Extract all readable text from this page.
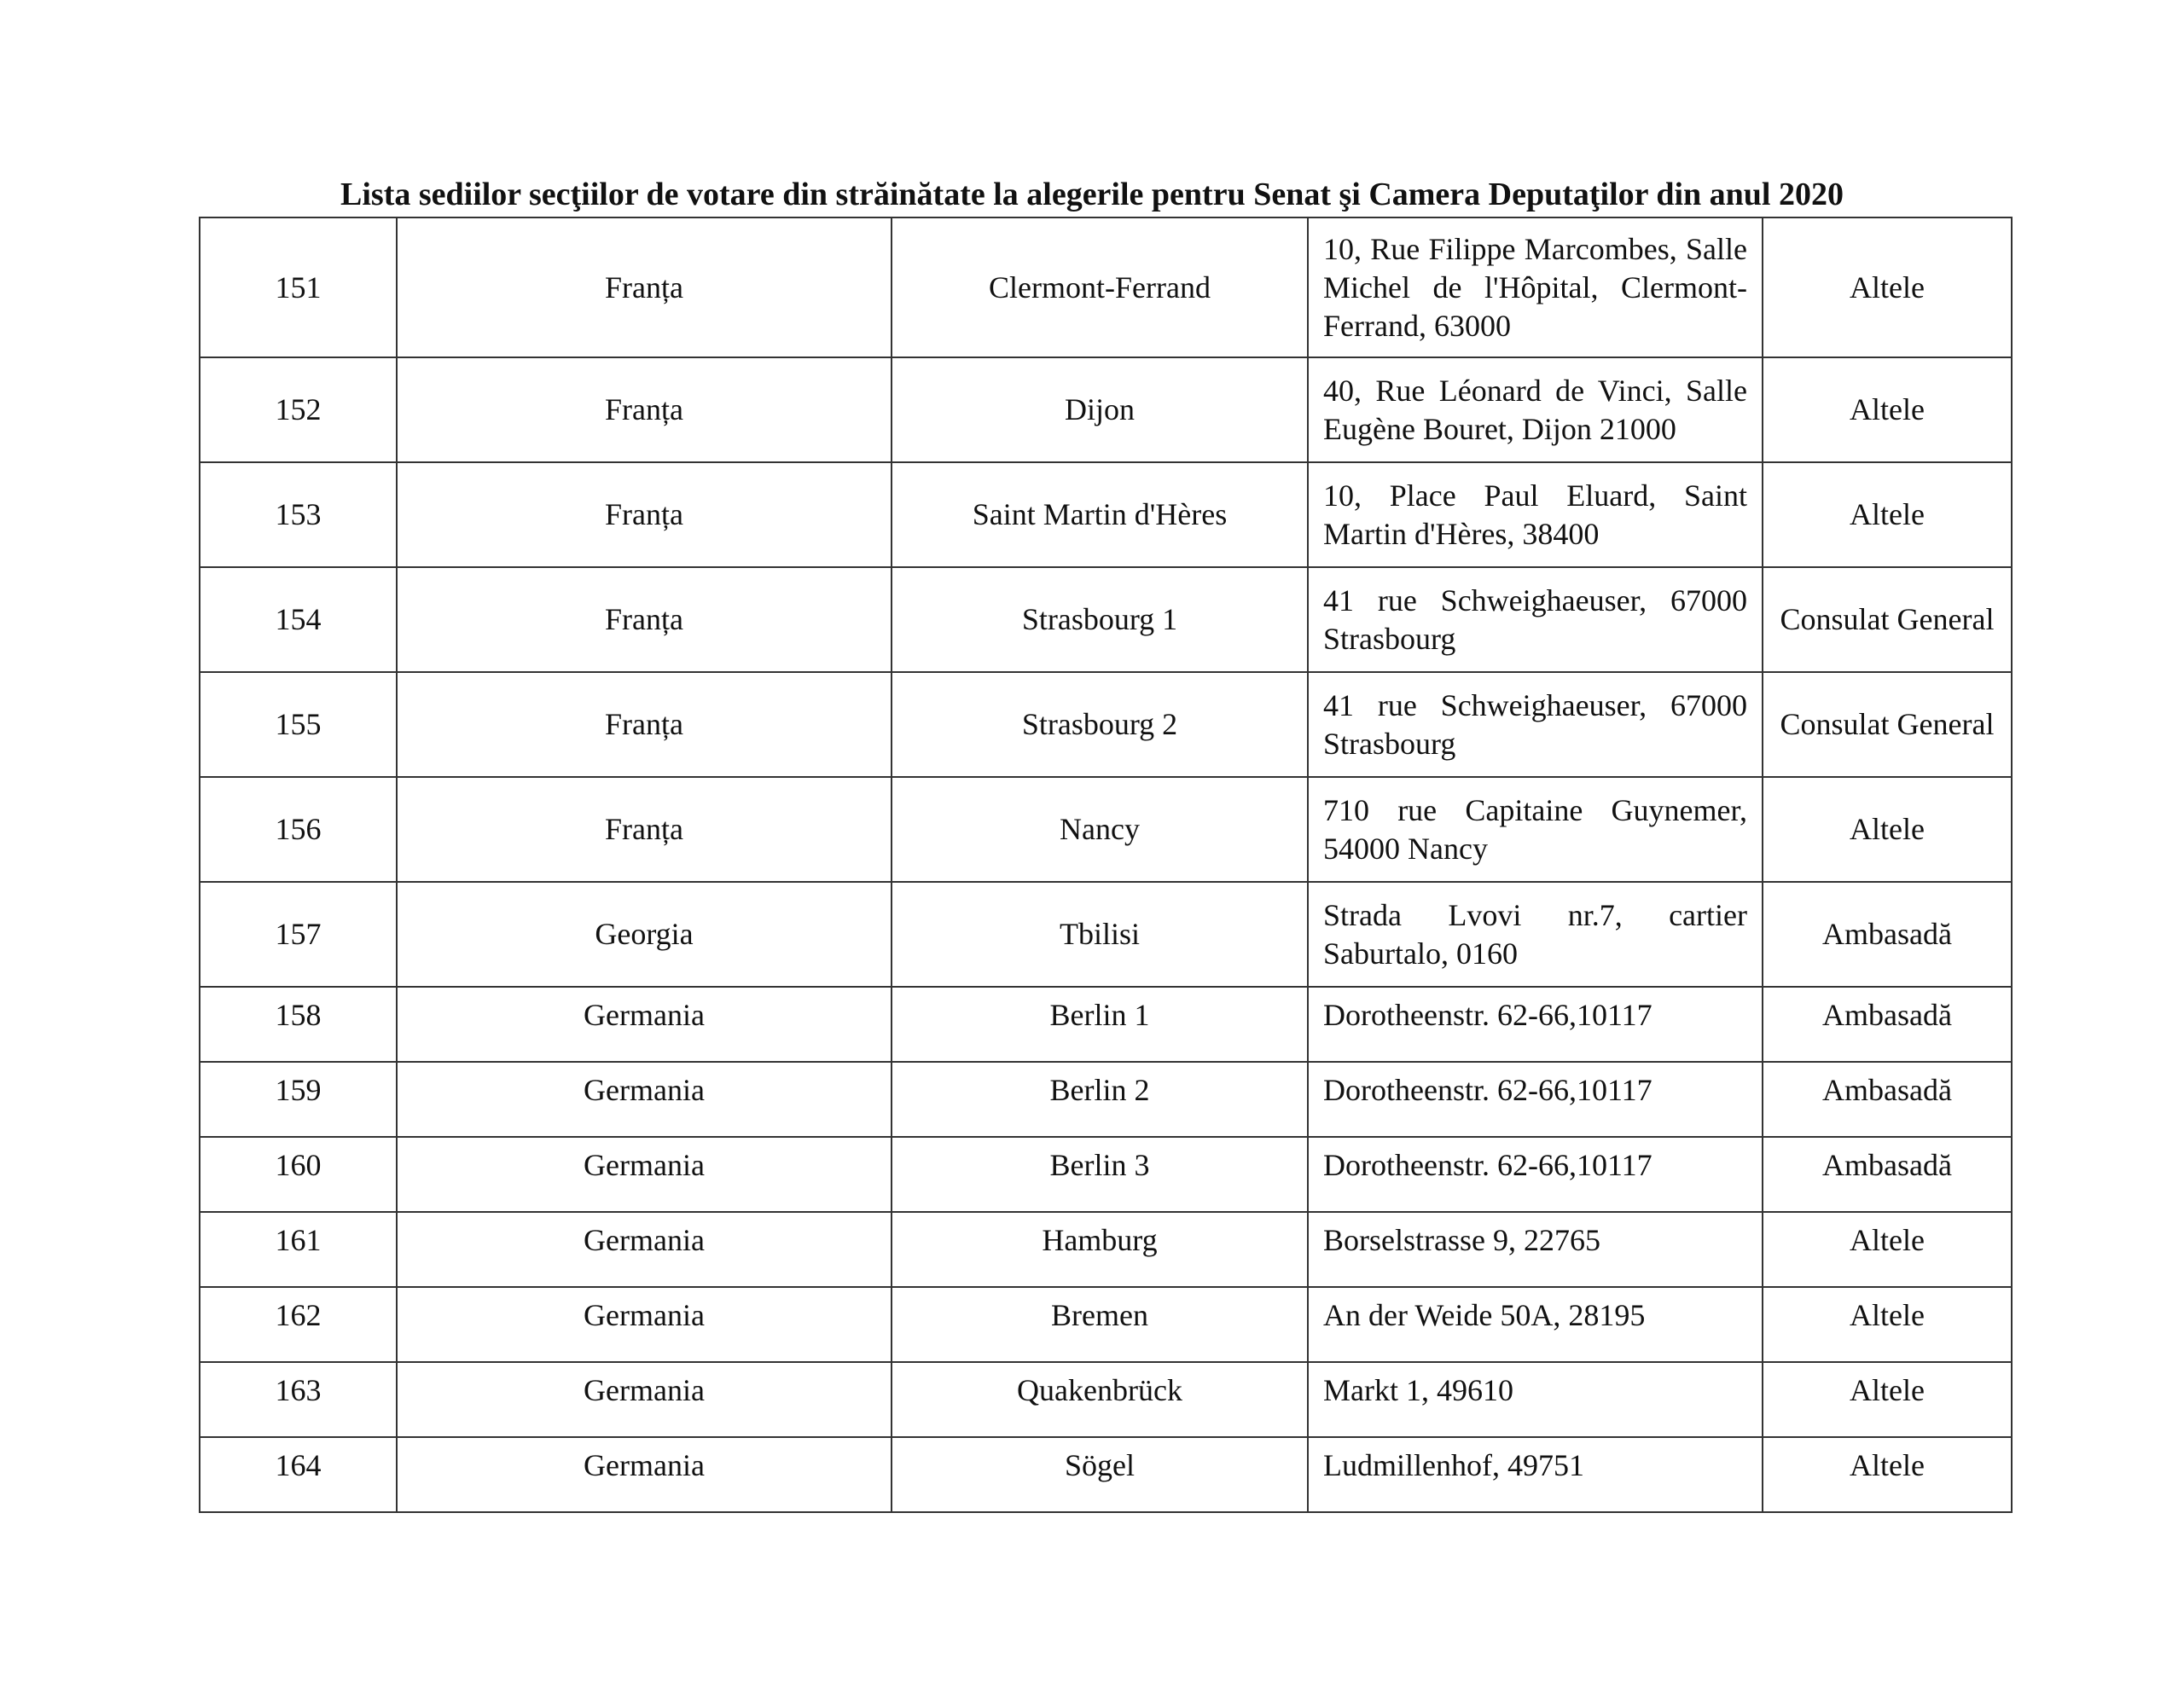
Lista sediilor secţiilor de votare din străinătate la alegerile pentru Senat şi Camera Deputaţilor din anul 2020
151	Franța	Clermont-Ferrand	10, Rue Filippe Marcombes, Salle Michel de l'Hôpital, Clermont-Ferrand, 63000	Altele
152	Franța	Dijon	40, Rue Léonard de Vinci, Salle Eugène Bouret, Dijon 21000	Altele
153	Franța	Saint Martin d'Hères	10, Place Paul Eluard, Saint Martin d'Hères, 38400	Altele
154	Franța	Strasbourg 1	41 rue Schweighaeuser, 67000 Strasbourg	Consulat General
155	Franța	Strasbourg 2	41 rue Schweighaeuser, 67000 Strasbourg	Consulat General
156	Franța	Nancy	710 rue Capitaine Guynemer, 54000 Nancy	Altele
157	Georgia	Tbilisi	Strada Lvovi nr.7, cartier Saburtalo, 0160	Ambasadă
158	Germania	Berlin 1	Dorotheenstr. 62-66,10117	Ambasadă
159	Germania	Berlin 2	Dorotheenstr. 62-66,10117	Ambasadă
160	Germania	Berlin 3	Dorotheenstr. 62-66,10117	Ambasadă
161	Germania	Hamburg	Borselstrasse 9, 22765	Altele
162	Germania	Bremen	An der Weide 50A, 28195	Altele
163	Germania	Quakenbrück	Markt 1, 49610	Altele
164	Germania	Sögel	Ludmillenhof, 49751	Altele
